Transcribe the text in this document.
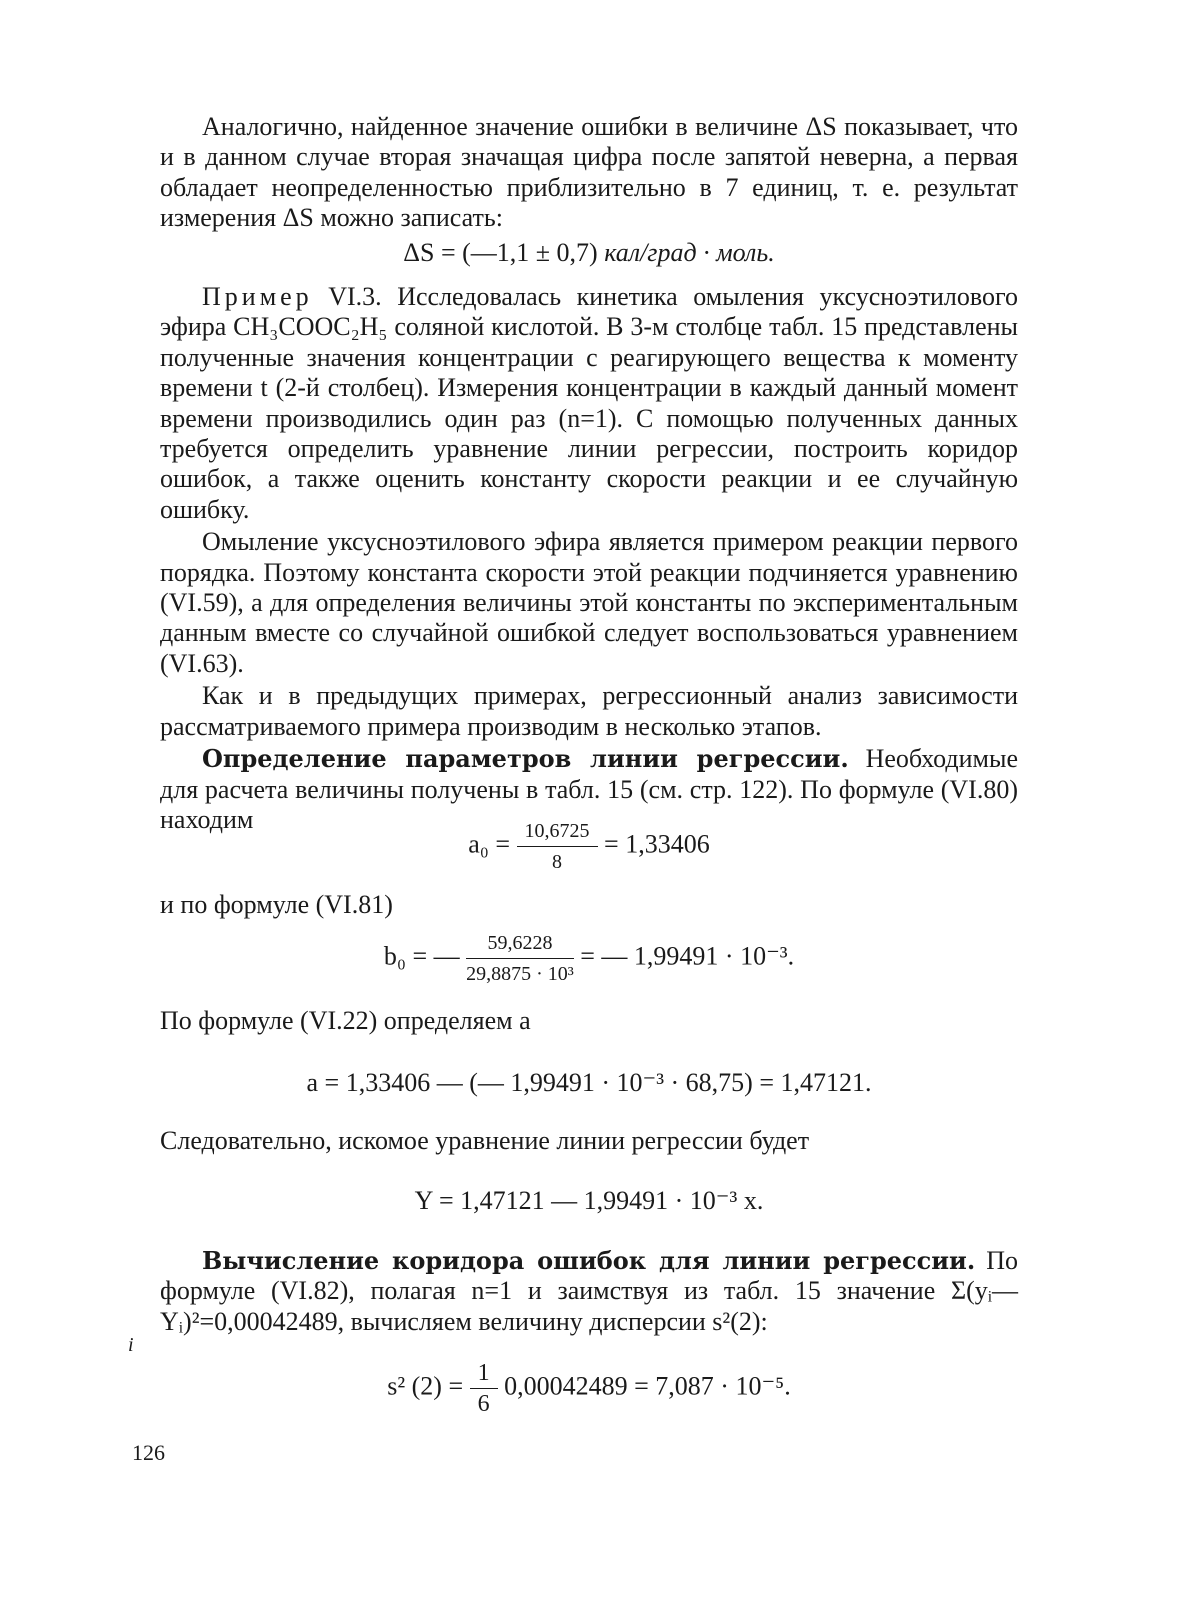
Аналогично, найденное значение ошибки в величине ΔS показывает, что и в данном случае вторая значащая цифра после запятой неверна, а первая обладает неопределенностью приблизительно в 7 единиц, т. е. результат измерения ΔS можно записать:

ΔS = (—1,1 ± 0,7) кал/град · моль.

Пример VI.3. Исследовалась кинетика омыления уксусноэтилового эфира CH₃COOC₂H₅ соляной кислотой. В 3-м столбце табл. 15 представлены полученные значения концентрации c реагирующего вещества к моменту времени t (2-й столбец). Измерения концентрации в каждый данный момент времени производились один раз (n=1). С помощью полученных данных требуется определить уравнение линии регрессии, построить коридор ошибок, а также оценить константу скорости реакции и ее случайную ошибку.

Омыление уксусноэтилового эфира является примером реакции первого порядка. Поэтому константа скорости этой реакции подчиняется уравнению (VI.59), а для определения величины этой константы по экспериментальным данным вместе со случайной ошибкой следует воспользоваться уравнением (VI.63).

Как и в предыдущих примерах, регрессионный анализ зависимости рассматриваемого примера производим в несколько этапов.

Определение параметров линии регрессии. Необходимые для расчета величины получены в табл. 15 (см. стр. 122). По формуле (VI.80) находим

$a_0 = \frac{10,6725}{8} = 1,33406$

и по формуле (VI.81)

b₀ = — $\frac{59,6228}{\text{29,8875 · 10³}}$ = — 1,99491 · 10⁻³.

По формуле (VI.22) определяем a

a = 1,33406 — (— 1,99491 · 10⁻³ · 68,75) = 1,47121.

Следовательно, искомое уравнение линии регрессии будет

Y = 1,47121 — 1,99491 · 10⁻³ x.

Вычисление коридора ошибок для линии регрессии. По формуле (VI.82), полагая n=1 и заимствуя из табл. 15 значение Σ(yᵢ—Yᵢ)²=0,00042489, вычисляем величину дисперсии s²(2):

i
s² $(2) = \frac{1}{6} 0,00042489 = 7,087 \cdot 10^{-5}$.
126
